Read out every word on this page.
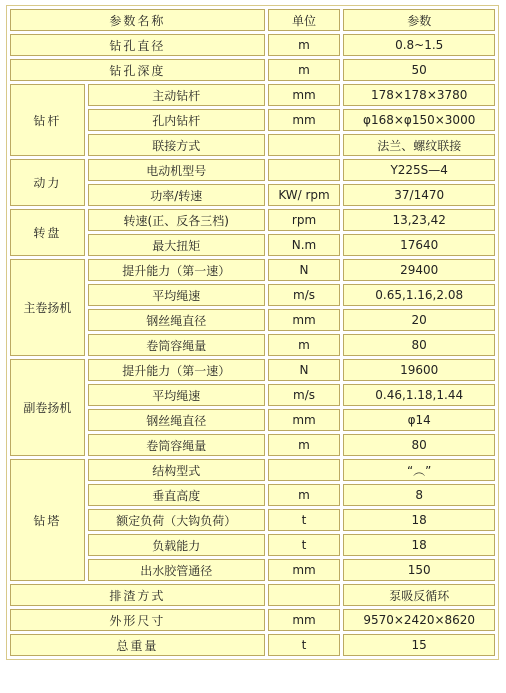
参数名称		单位	参数
钻孔直径		m	0.8~1.5
钻孔深度		m	50
钻杆	主动钻杆	mm	178×178×3780
	孔内钻杆	mm	φ168×φ150×3000
	联接方式		法兰、螺纹联接
动力	电动机型号		Y225S—4
	功率/转速	KW/ rpm	37/1470
转盘	转速(正、反各三档)	rpm	13,23,42
	最大扭矩	N.m	17640
主卷扬机	提升能力（第一速）	N	29400
	平均绳速	m/s	0.65,1.16,2.08
	钢丝绳直径	mm	20
	卷筒容绳量	m	80
副卷扬机	提升能力（第一速）	N	19600
	平均绳速	m/s	0.46,1.18,1.44
	钢丝绳直径	mm	φ14
	卷筒容绳量	m	80
钻塔	结构型式		“︵”
	垂直高度	m	8
	额定负荷（大钩负荷）	t	18
	负载能力	t	18
	出水胶管通径	mm	150
排渣方式			泵吸反循环
外形尺寸		mm	9570×2420×8620
总重量		t	15
